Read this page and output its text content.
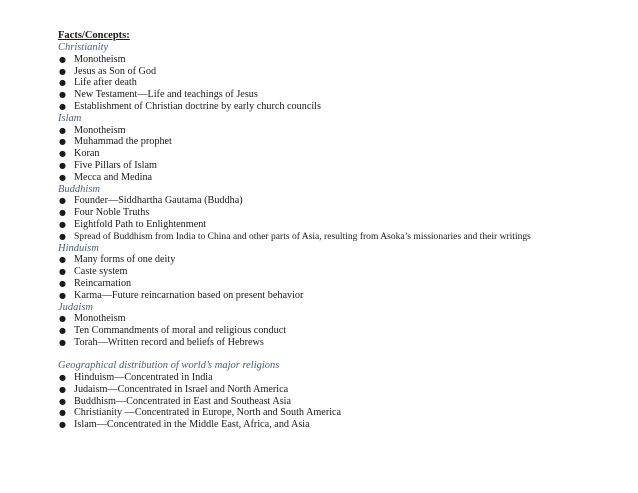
Facts/Concepts:

Christianity

● Monotheism
● Jesus as Son of God
● Life after death
● New Testament—Life and teachings of Jesus
● Establishment of Christian doctrine by early church councils

Islam

● Monotheism
● Muhammad the prophet
● Koran
● Five Pillars of Islam
● Mecca and Medina

Buddhism

● Founder—Siddhartha Gautama (Buddha)
● Four Noble Truths
● Eightfold Path to Enlightenment
● Spread of Buddhism from India to China and other parts of Asia, resulting from Asoka’s missionaries and their writings

Hinduism

● Many forms of one deity
● Caste system
● Reincarnation
● Karma—Future reincarnation based on present behavior

Judaism

● Monotheism
● Ten Commandments of moral and religious conduct
● Torah—Written record and beliefs of Hebrews

Geographical distribution of world’s major religions

● Hinduism—Concentrated in India
● Judaism—Concentrated in Israel and North America
● Buddhism—Concentrated in East and Southeast Asia
● Christianity —Concentrated in Europe, North and South America
● Islam—Concentrated in the Middle East, Africa, and Asia
